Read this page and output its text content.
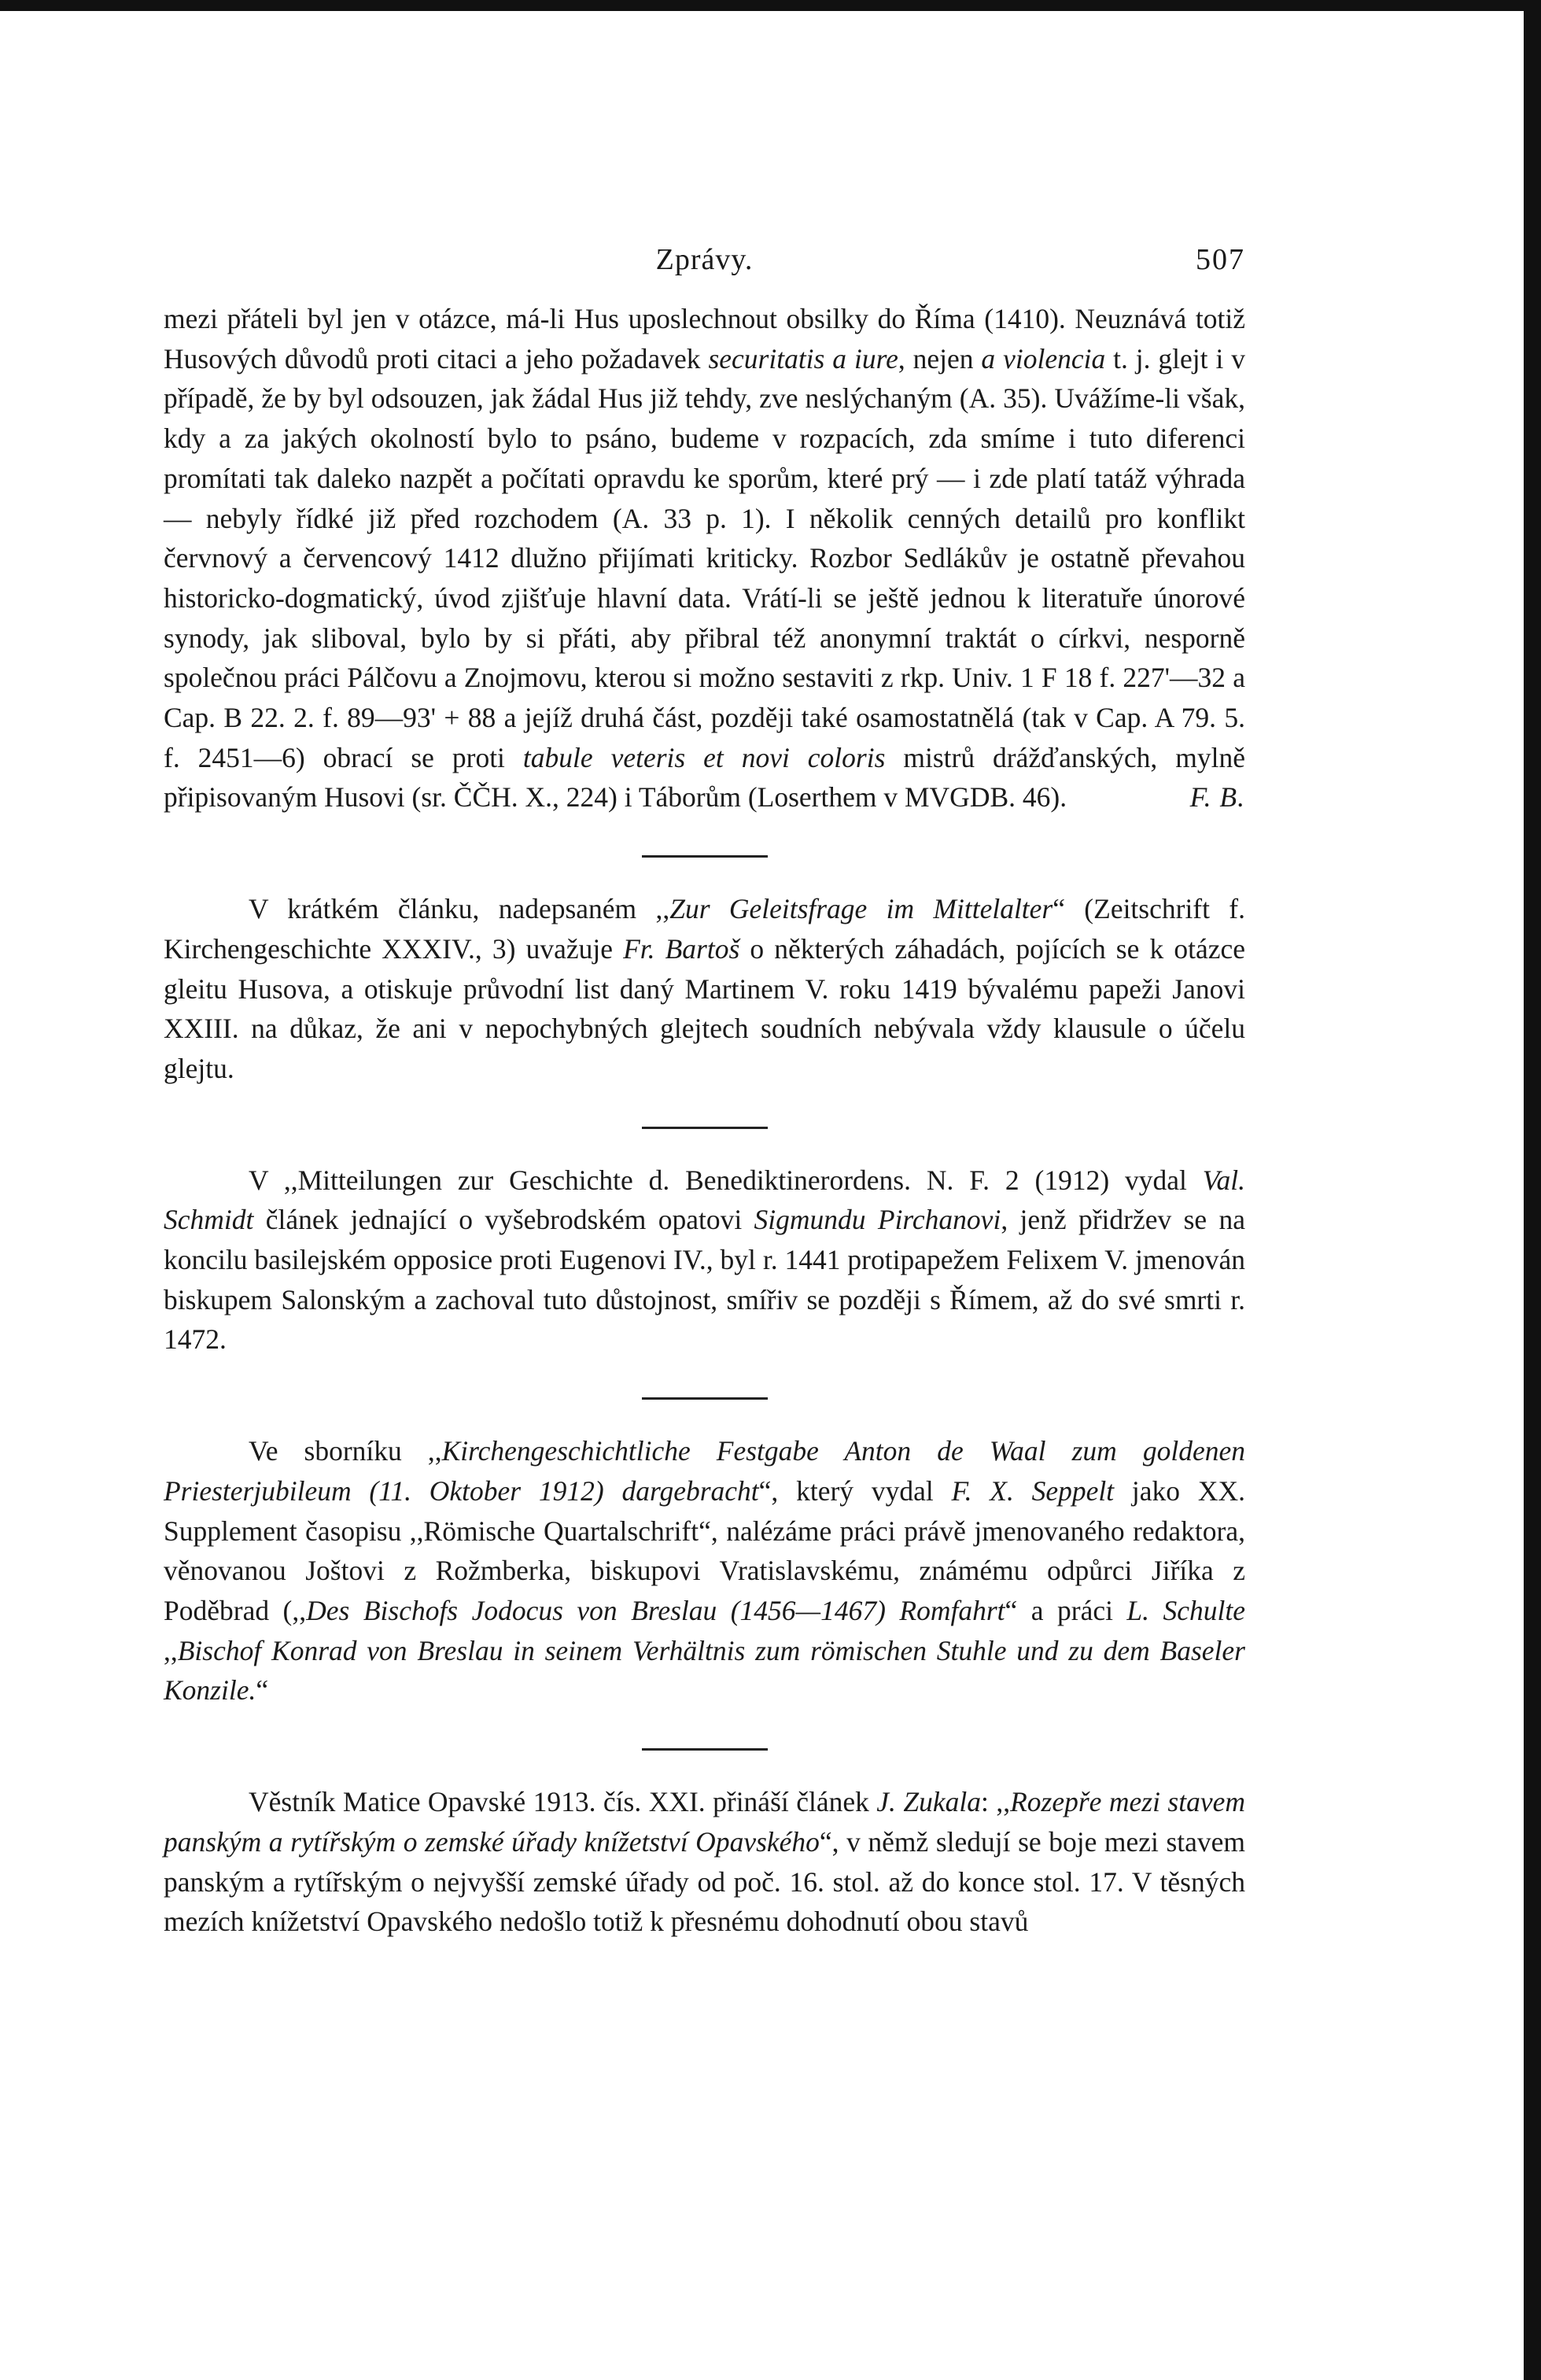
Zprávy.	507

mezi přáteli byl jen v otázce, má-li Hus uposlechnout obsilky do Říma (1410). Neuznává totiž Husových důvodů proti citaci a jeho požadavek securitatis a iure, nejen a violencia t. j. glejt i v případě, že by byl odsouzen, jak žádal Hus již tehdy, zve neslýchaným (A. 35). Uvážíme-li však, kdy a za jakých okolností bylo to psáno, budeme v rozpacích, zda smíme i tuto diferenci promítati tak daleko nazpět a počítati opravdu ke sporům, které prý — i zde platí tatáž výhrada — nebyly řídké již před rozchodem (A. 33 p. 1). I několik cenných detailů pro konflikt červnový a červencový 1412 dlužno přijímati kriticky. Rozbor Sedlákův je ostatně převahou historicko-dogmatický, úvod zjišťuje hlavní data. Vrátí-li se ještě jednou k literatuře únorové synody, jak sliboval, bylo by si přáti, aby přibral též anonymní traktát o církvi, nesporně společnou práci Pálčovu a Znojmovu, kterou si možno sestaviti z rkp. Univ. 1 F 18 f. 227'—32 a Cap. B 22. 2. f. 89—93' + 88 a jejíž druhá část, později také osamostatnělá (tak v Cap. A 79. 5. f. 2451—6) obrací se proti tabule veteris et novi coloris mistrů drážďanských, mylně připisovaným Husovi (sr. ČČH. X., 224) i Táborům (Loserthem v MVGDB. 46).	F. B.

V krátkém článku, nadepsaném ,,Zur Geleitsfrage im Mittelalter“ (Zeitschrift f. Kirchengeschichte XXXIV., 3) uvažuje Fr. Bartoš o některých záhadách, pojících se k otázce gleitu Husova, a otiskuje průvodní list daný Martinem V. roku 1419 bývalému papeži Janovi XXIII. na důkaz, že ani v nepochybných glejtech soudních nebývala vždy klausule o účelu glejtu.

V ,,Mitteilungen zur Geschichte d. Benediktinerordens. N. F. 2 (1912) vydal Val. Schmidt článek jednající o vyšebrodském opatovi Sigmundu Pirchanovi, jenž přidržev se na koncilu basilejském opposice proti Eugenovi IV., byl r. 1441 protipapežem Felixem V. jmenován biskupem Salonským a zachoval tuto důstojnost, smířiv se později s Římem, až do své smrti r. 1472.

Ve sborníku ,,Kirchengeschichtliche Festgabe Anton de Waal zum goldenen Priesterjubileum (11. Oktober 1912) dargebracht“, který vydal F. X. Seppelt jako XX. Supplement časopisu ,,Römische Quartalschrift“, nalézáme práci právě jmenovaného redaktora, věnovanou Joštovi z Rožmberka, biskupovi Vratislavskému, známému odpůrci Jiříka z Poděbrad (,,Des Bischofs Jodocus von Breslau (1456—1467) Romfahrt“ a práci L. Schulte ,,Bischof Konrad von Breslau in seinem Verhältnis zum römischen Stuhle und zu dem Baseler Konzile.“

Věstník Matice Opavské 1913. čís. XXI. přináší článek J. Zukala: ,,Rozepře mezi stavem panským a rytířským o zemské úřady knížetství Opavského“, v němž sledují se boje mezi stavem panským a rytířským o nejvyšší zemské úřady od poč. 16. stol. až do konce stol. 17. V těsných mezích knížetství Opavského nedošlo totiž k přesnému dohodnutí obou stavů
